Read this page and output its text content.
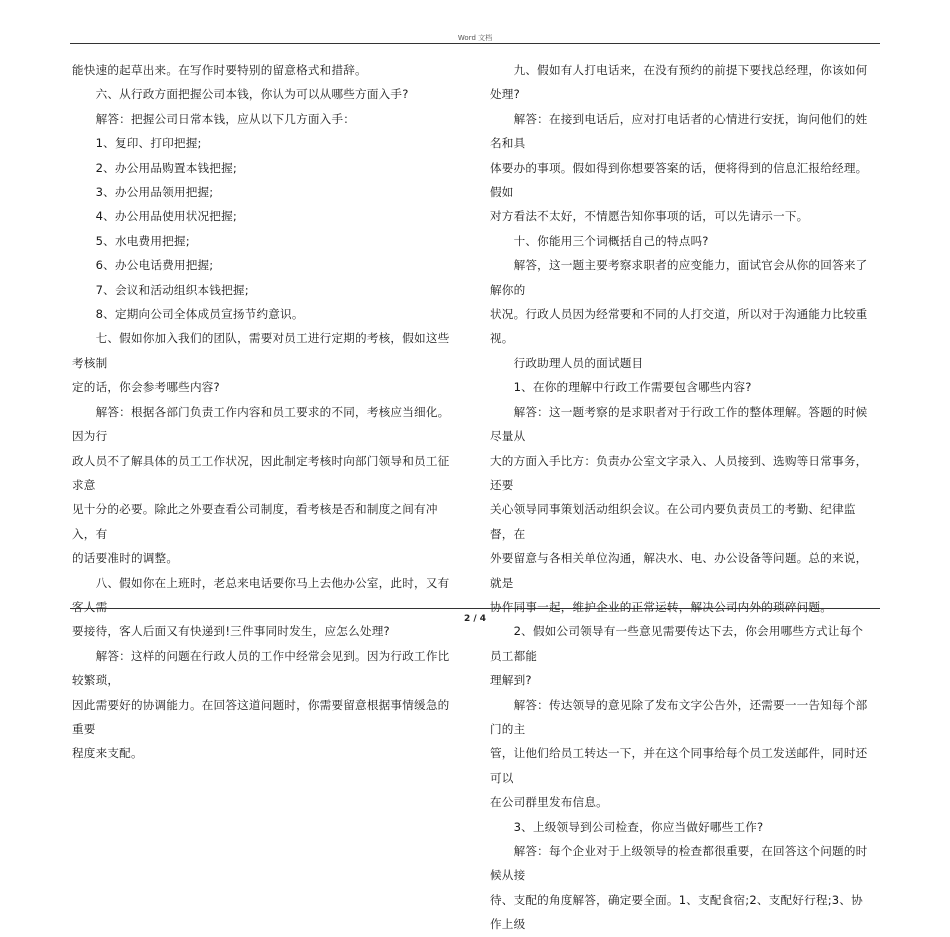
Word 文档

能快速的起草出来。在写作时要特别的留意格式和措辞。

　　六、从行政方面把握公司本钱，你认为可以从哪些方面入手?

　　解答：把握公司日常本钱，应从以下几方面入手：

　　1、复印、打印把握;

　　2、办公用品购置本钱把握;

　　3、办公用品领用把握;

　　4、办公用品使用状况把握;

　　5、水电费用把握;

　　6、办公电话费用把握;

　　7、会议和活动组织本钱把握;

　　8、定期向公司全体成员宣扬节约意识。

　　七、假如你加入我们的团队，需要对员工进行定期的考核，假如这些考核制

定的话，你会参考哪些内容?

　　解答：根据各部门负责工作内容和员工要求的不同，考核应当细化。因为行

政人员不了解具体的员工工作状况，因此制定考核时向部门领导和员工征求意

见十分的必要。除此之外要查看公司制度，看考核是否和制度之间有冲入，有

的话要准时的调整。

　　八、假如你在上班时，老总来电话要你马上去他办公室，此时，又有客人需

要接待，客人后面又有快递到!三件事同时发生，应怎么处理?

　　解答：这样的问题在行政人员的工作中经常会见到。因为行政工作比较繁琐，

因此需要好的协调能力。在回答这道问题时，你需要留意根据事情缓急的重要

程度来支配。

　　九、假如有人打电话来，在没有预约的前提下要找总经理，你该如何处理?

　　解答：在接到电话后，应对打电话者的心情进行安抚，询问他们的姓名和具

体要办的事项。假如得到你想要答案的话，便将得到的信息汇报给经理。假如

对方看法不太好，不情愿告知你事项的话，可以先请示一下。

　　十、你能用三个词概括自己的特点吗?

　　解答，这一题主要考察求职者的应变能力，面试官会从你的回答来了解你的

状况。行政人员因为经常要和不同的人打交道，所以对于沟通能力比较重视。

　　行政助理人员的面试题目

　　1、在你的理解中行政工作需要包含哪些内容?

　　解答：这一题考察的是求职者对于行政工作的整体理解。答题的时候尽量从

大的方面入手比方：负责办公室文字录入、人员接到、选购等日常事务，还要

关心领导同事策划活动组织会议。在公司内要负责员工的考勤、纪律监督，在

外要留意与各相关单位沟通，解决水、电、办公设备等问题。总的来说，就是

协作同事一起，维护企业的正常运转，解决公司内外的琐碎问题。

　　2、假如公司领导有一些意见需要传达下去，你会用哪些方式让每个员工都能

理解到?

　　解答：传达领导的意见除了发布文字公告外，还需要一一告知每个部门的主

管，让他们给员工转达一下，并在这个同事给每个员工发送邮件，同时还可以

在公司群里发布信息。

　　3、上级领导到公司检查，你应当做好哪些工作?

　　解答：每个企业对于上级领导的检查都很重要，在回答这个问题的时候从接

待、支配的角度解答，确定要全面。1、支配食宿;2、支配好行程;3、协作上级

2 / 4
